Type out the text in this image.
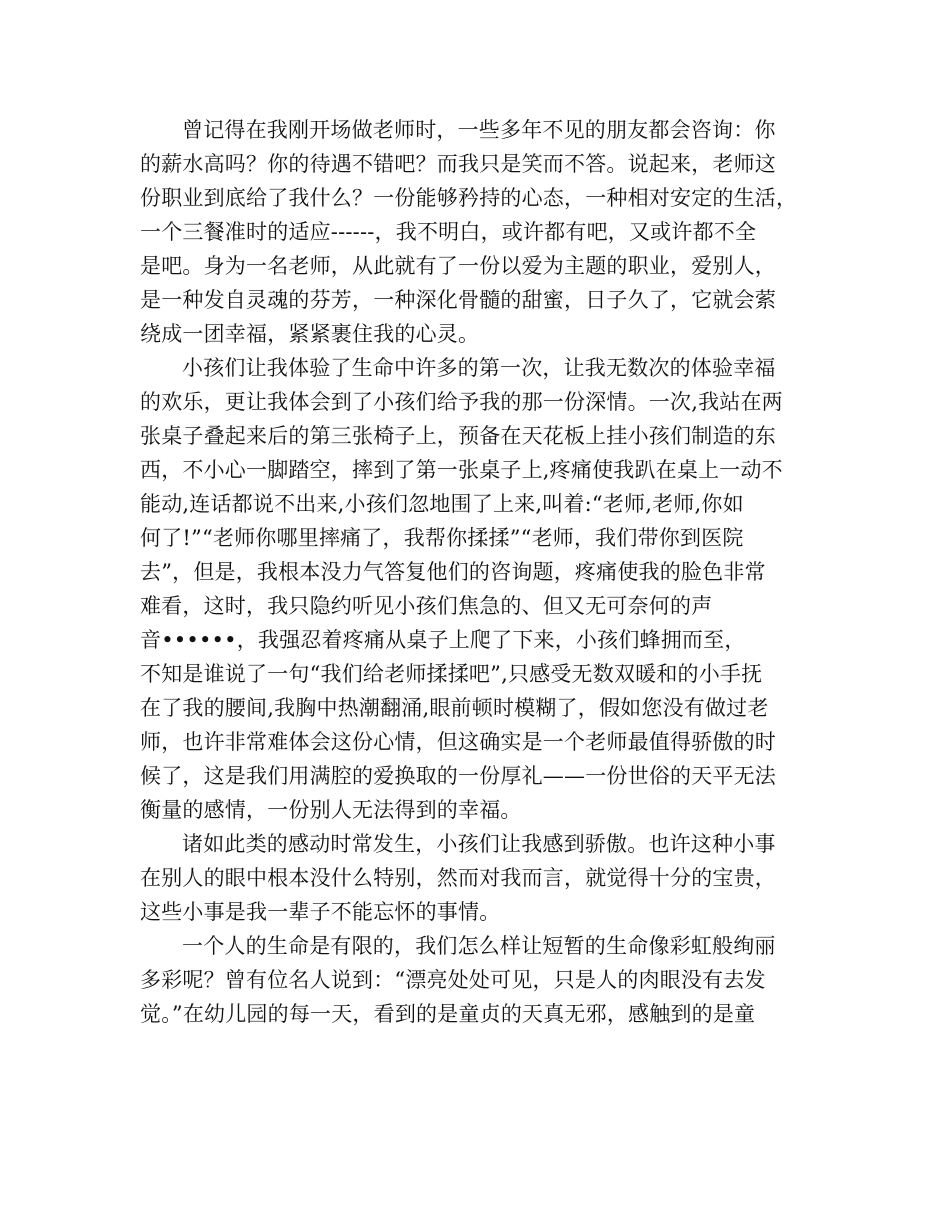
曾记得在我刚开场做老师时，一些多年不见的朋友都会咨询：你
的薪水高吗？你的待遇不错吧？而我只是笑而不答。说起来，老师这
份职业到底给了我什么？一份能够矜持的心态，一种相对安定的生活，
一个三餐准时的适应------，我不明白，或许都有吧，又或许都不全
是吧。身为一名老师，从此就有了一份以爱为主题的职业，爱别人，
是一种发自灵魂的芬芳，一种深化骨髓的甜蜜，日子久了，它就会萦
绕成一团幸福，紧紧裹住我的心灵。
小孩们让我体验了生命中许多的第一次，让我无数次的体验幸福
的欢乐，更让我体会到了小孩们给予我的那一份深情。一次,我站在两
张桌子叠起来后的第三张椅子上，预备在天花板上挂小孩们制造的东
西，不小心一脚踏空，摔到了第一张桌子上,疼痛使我趴在桌上一动不
能动,连话都说不出来,小孩们忽地围了上来,叫着:“老师,老师,你如
何了!”“老师你哪里摔痛了，我帮你揉揉”“老师，我们带你到医院
去”，但是，我根本没力气答复他们的咨询题，疼痛使我的脸色非常
难看，这时，我只隐约听见小孩们焦急的、但又无可奈何的声
音••••••，我强忍着疼痛从桌子上爬了下来，小孩们蜂拥而至，
不知是谁说了一句“我们给老师揉揉吧”,只感受无数双暖和的小手抚
在了我的腰间,我胸中热潮翻涌,眼前顿时模糊了，假如您没有做过老
师，也许非常难体会这份心情，但这确实是一个老师最值得骄傲的时
候了，这是我们用满腔的爱换取的一份厚礼——一份世俗的天平无法
衡量的感情，一份别人无法得到的幸福。
诸如此类的感动时常发生，小孩们让我感到骄傲。也许这种小事
在别人的眼中根本没什么特别，然而对我而言，就觉得十分的宝贵，
这些小事是我一辈子不能忘怀的事情。
一个人的生命是有限的，我们怎么样让短暂的生命像彩虹般绚丽
多彩呢？曾有位名人说到：“漂亮处处可见，只是人的肉眼没有去发
觉。”在幼儿园的每一天，看到的是童贞的天真无邪，感触到的是童
